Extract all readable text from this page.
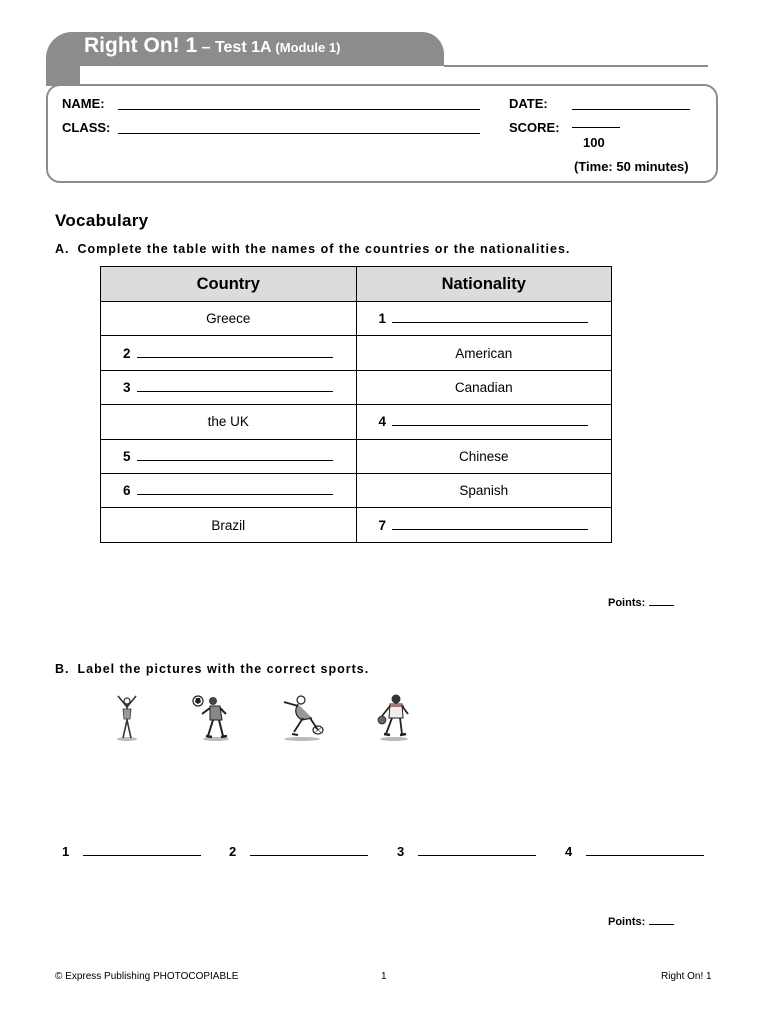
Right On! 1 – Test 1A (Module 1)
NAME:
CLASS:
DATE:
SCORE:
100
(Time: 50 minutes)
Vocabulary
A. Complete the table with the names of the countries or the nationalities.
Country	Nationality
Greece	1
2	American
3	Canadian
the UK	4
5	Chinese
6	Spanish
Brazil	7
Points:
B. Label the pictures with the correct sports.
1	2	3	4
Points:
© Express Publishing PHOTOCOPIABLE	1	Right On! 1
